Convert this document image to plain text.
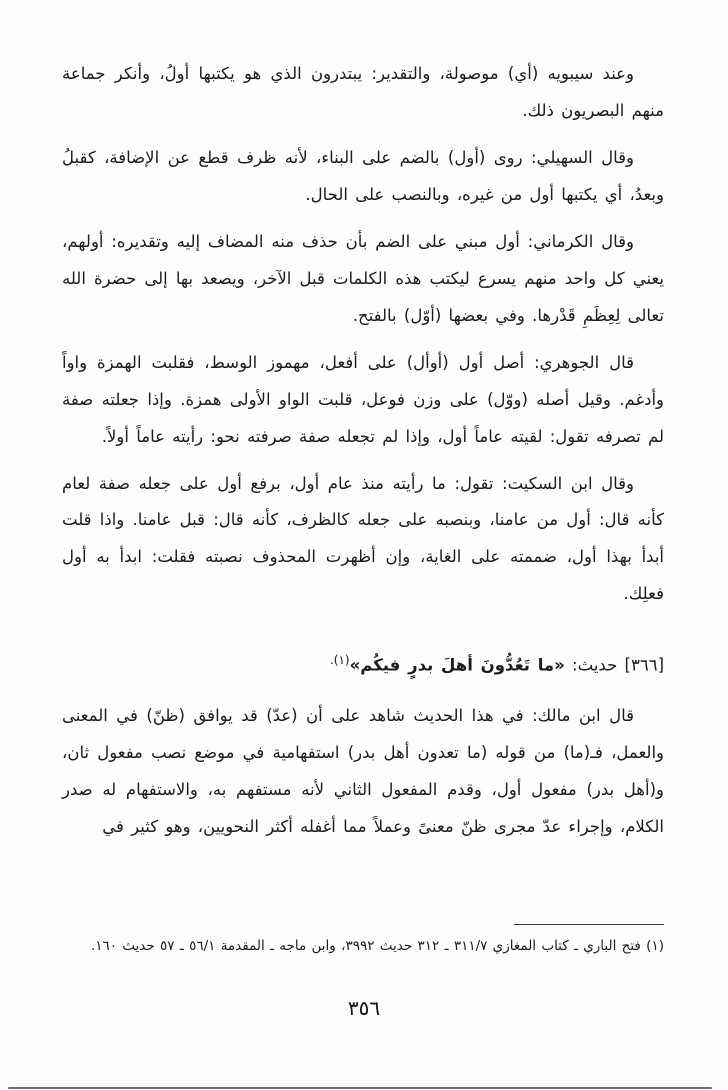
وعند سيبويه (أي) موصولة، والتقدير: يبتدرون الذي هو يكتبها أولُ، وأنكر جماعة منهم البصريون ذلك.

وقال السهيلي: روى (أول) بالضم على البناء، لأنه ظرف قطع عن الإضافة، كقبلُ وبعدُ، أي يكتبها أول من غيره، وبالنصب على الحال.

وقال الكرماني: أول مبني على الضم بأن حذف منه المضاف إليه وتقديره: أولهم، يعني كل واحد منهم يسرع ليكتب هذه الكلمات قبل الآخر، ويصعد بها إلى حضرة الله تعالى لِعِظَمِ قَدْرها. وفي بعضها (أوّل) بالفتح.

قال الجوهري: أصل أول (أوأل) على أفعل، مهموز الوسط، فقلبت الهمزة واواً وأدغم. وقيل أصله (ووّل) على وزن فوعل، قلبت الواو الأولى همزة. وإذا جعلته صفة لم تصرفه تقول: لقيته عاماً أول، وإذا لم تجعله صفة صرفته نحو: رأيته عاماً أولاً.

وقال ابن السكيت: تقول: ما رأيته منذ عام أول، برفع أول على جعله صفة لعام كأنه قال: أول من عامنا، وبنصبه على جعله كالظرف، كأنه قال: قبل عامنا. واذا قلت أبدأ بهذا أول، ضممته على الغاية، وإن أظهرت المحذوف نصبته فقلت: ابدأ به أول فعلِك.

[٣٦٦] حديث: «ما تَعُدُّونَ أهلَ بدرٍ فيكُم»$^{(١).}$

قال ابن مالك: في هذا الحديث شاهد على أن (عدّ) قد يوافق (ظنّ) في المعنى والعمل، فـ(ما) من قوله (ما تعدون أهل بدر) استفهامية في موضع نصب مفعول ثان، و(أهل بدر) مفعول أول، وقدم المفعول الثاني لأنه مستفهم به، والاستفهام له صدر الكلام، وإجراء عدّ مجرى ظنّ معنىً وعملاً مما أغفله أكثر النحويين، وهو كثير في

(١) فتح الباري ـ كتاب المغازي ٣١١/٧ ـ ٣١٢ حديث ٣٩٩٢، وابن ماجه ـ المقدمة ٥٦/١ ـ ٥٧ حديث ١٦٠.

٣٥٦
